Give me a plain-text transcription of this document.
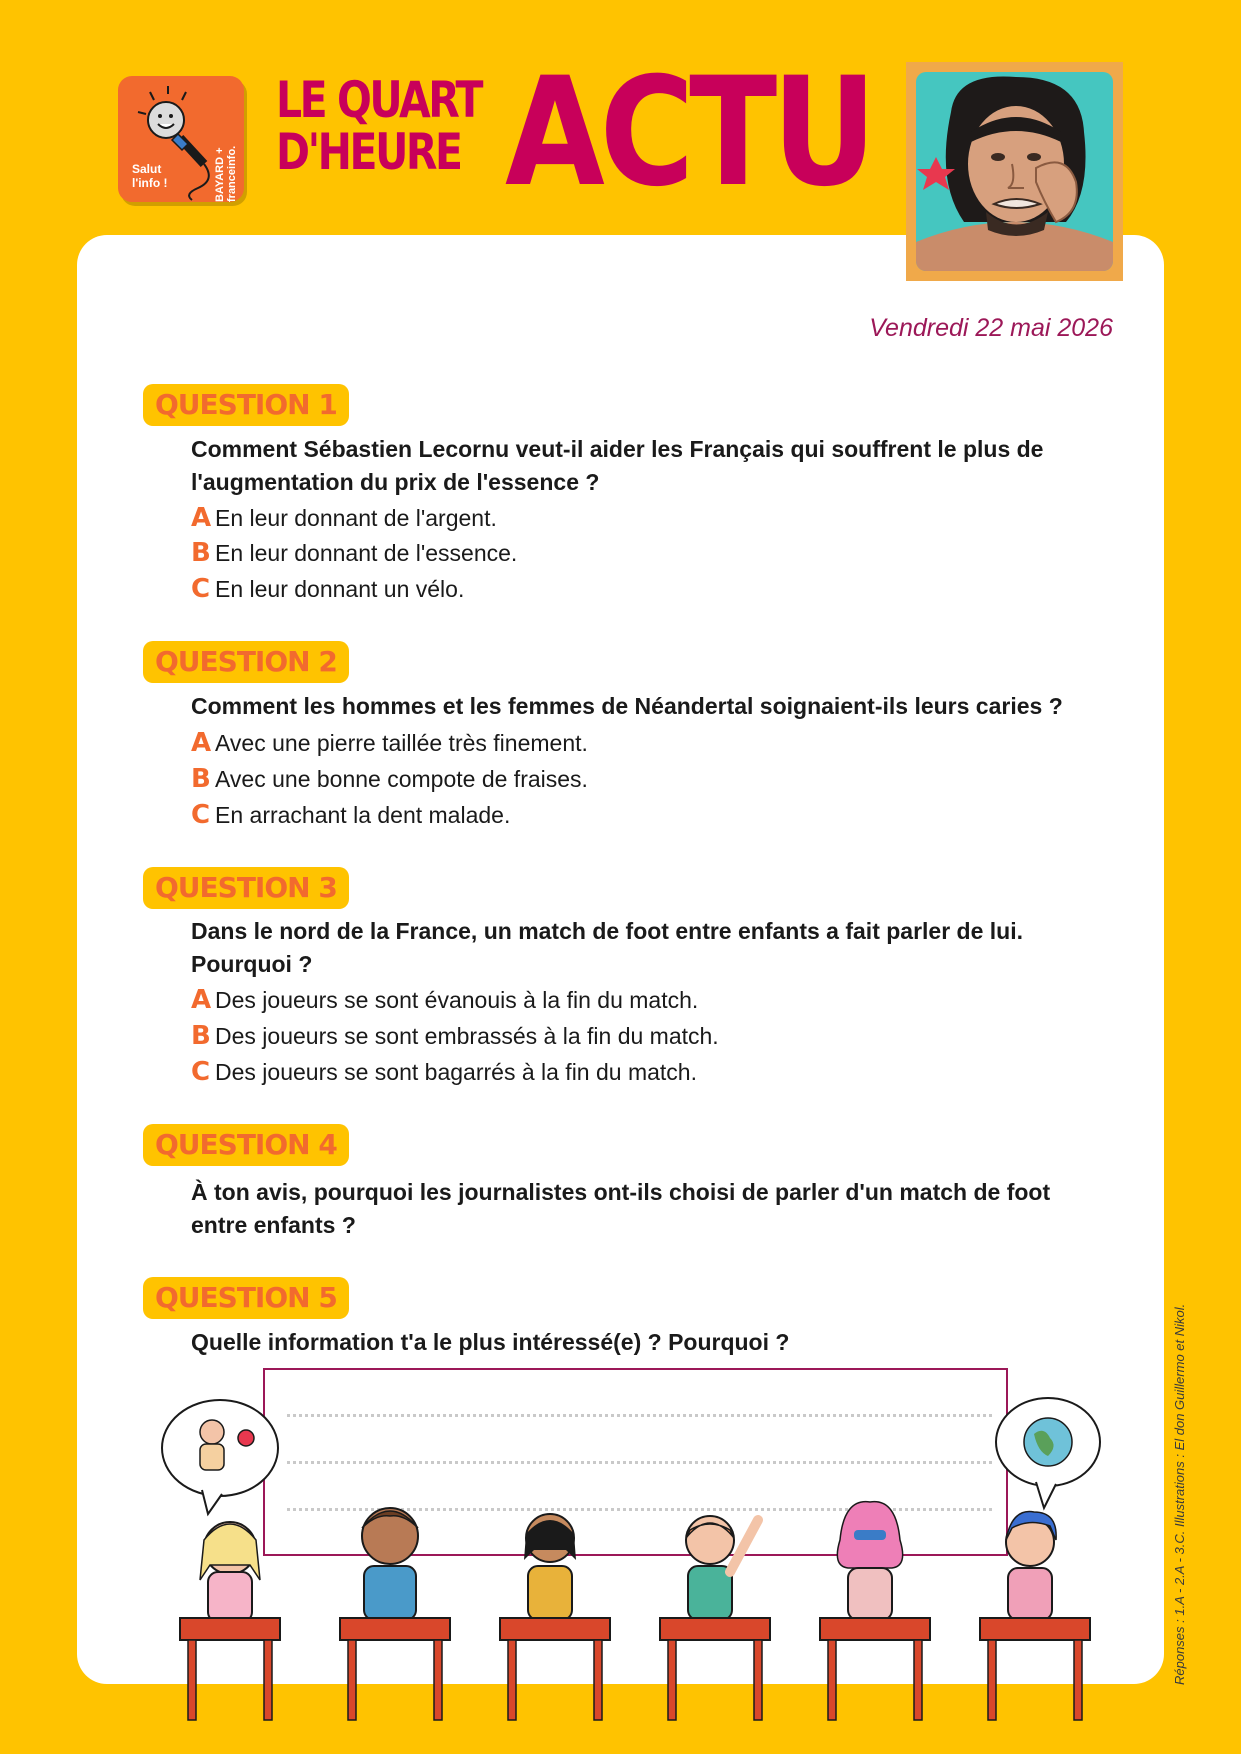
Salut
l'info !	BAYARD + franceinfo.
LE QUART
D'HEURE ACTU
Vendredi 22 mai 2026
QUESTION 1
Comment Sébastien Lecornu veut-il aider les Français qui souffrent le plus de l'augmentation du prix de l'essence ?
A En leur donnant de l'argent.
B En leur donnant de l'essence.
C En leur donnant un vélo.
QUESTION 2
Comment les hommes et les femmes de Néandertal soignaient-ils leurs caries ?
A Avec une pierre taillée très finement.
B Avec une bonne compote de fraises.
C En arrachant la dent malade.
QUESTION 3
Dans le nord de la France, un match de foot entre enfants a fait parler de lui. Pourquoi ?
A Des joueurs se sont évanouis à la fin du match.
B Des joueurs se sont embrassés à la fin du match.
C Des joueurs se sont bagarrés à la fin du match.
QUESTION 4
À ton avis, pourquoi les journalistes ont-ils choisi de parler d'un match de foot entre enfants ?
QUESTION 5
Quelle information t'a le plus intéressé(e) ? Pourquoi ?	Réponses : 1.A - 2.A - 3.C. Illustrations : El don Guillermo et Nikol.
